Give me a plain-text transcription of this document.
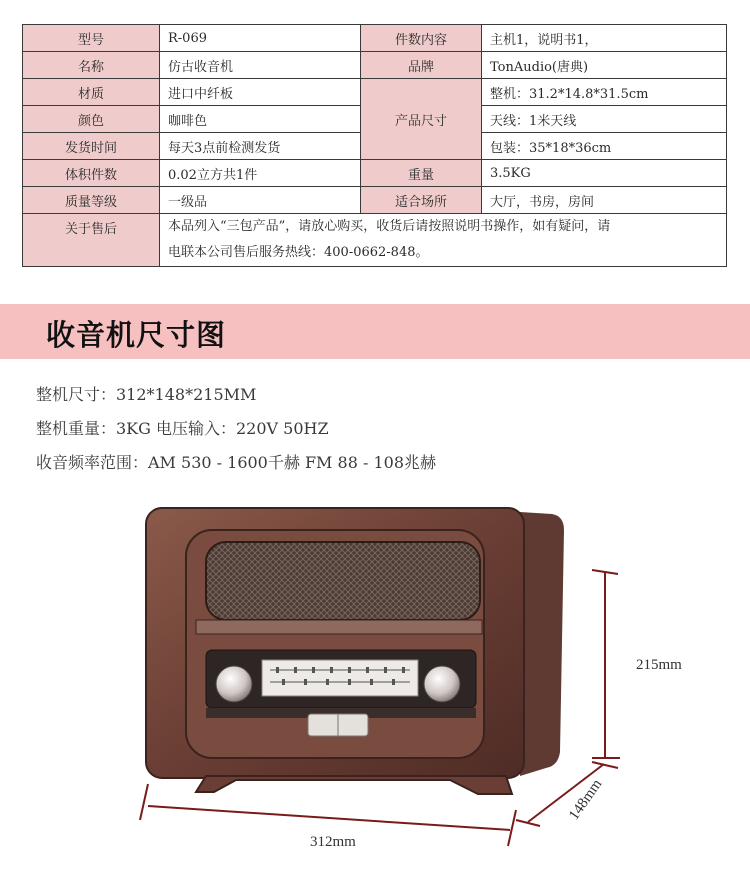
型号	R-069	件数内容	主机1，说明书1，
名称	仿古收音机	品牌	TonAudio(唐典)
材质	进口中纤板	产品尺寸	整机：31.2*14.8*31.5cm
颜色	咖啡色		天线：1米天线
发货时间	每天3点前检测发货		包装：35*18*36cm
体积件数	0.02立方共1件	重量	3.5KG
质量等级	一级品	适合场所	大厅，书房，房间
关于售后	本品列入“三包产品”，请放心购买，收货后请按照说明书操作，如有疑问，请
电联本公司售后服务热线：400-0662-848。		
收音机尺寸图
整机尺寸：312*148*215MM
整机重量：3KG 电压输入：220V 50HZ
收音频率范围：AM 530 - 1600千赫 FM 88 - 108兆赫
215mm
312mm
148mm
